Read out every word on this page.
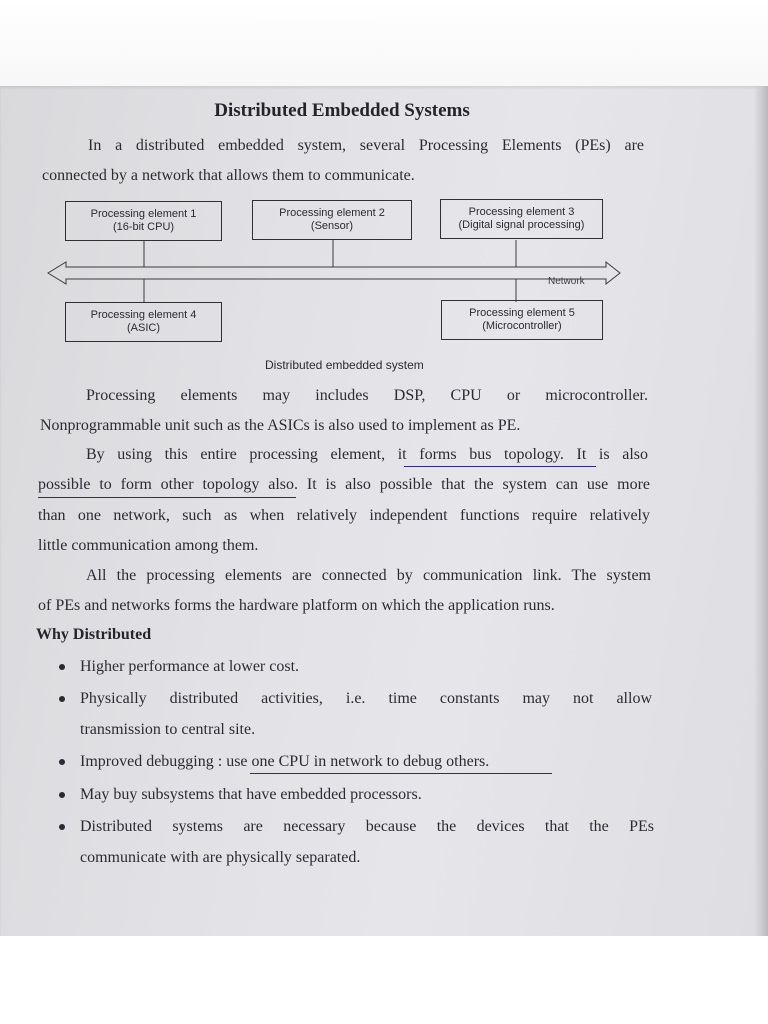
Distributed Embedded Systems
In a distributed embedded system, several Processing Elements (PEs) are
connected by a network that allows them to communicate.
Processing element 1
(16-bit CPU)
Processing element 2
(Sensor)
Processing element 3
(Digital signal processing)
Network
Processing element 4
(ASIC)
Processing element 5
(Microcontroller)
Distributed embedded system
Processing elements may includes DSP, CPU or microcontroller.
Nonprogrammable unit such as the ASICs is also used to implement as PE.
By using this entire processing element, it forms bus topology. It is also
possible to form other topology also. It is also possible that the system can use more
than one network, such as when relatively independent functions require relatively
little communication among them.
All the processing elements are connected by communication link. The system
of PEs and networks forms the hardware platform on which the application runs.
Why Distributed
Higher performance at lower cost.
Physically distributed activities, i.e. time constants may not allow
transmission to central site.
Improved debugging : use one CPU in network to debug others.
May buy subsystems that have embedded processors.
Distributed systems are necessary because the devices that the PEs
communicate with are physically separated.
